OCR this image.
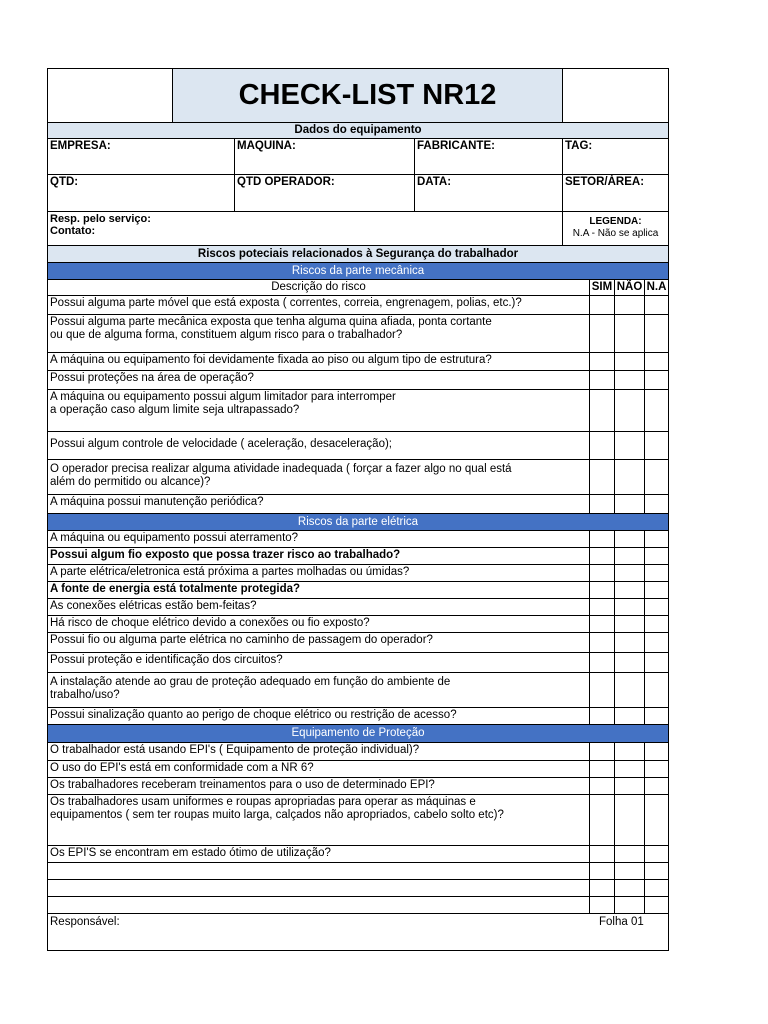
CHECK-LIST NR12
Dados do equipamento
EMPRESA:	MAQUINA:	FABRICANTE:	TAG:
QTD:	QTD OPERADOR:	DATA:	SETOR/ÁREA:
Resp. pelo serviço:
Contato:
LEGENDA:
N.A - Não se aplica
Riscos poteciais relacionados à Segurança do trabalhador
Riscos da parte mecânica
Descrição do risco	SIM NÃO N.A
Possui alguma parte móvel que está exposta ( correntes, correia, engrenagem, polias, etc.)?
Possui alguma parte mecânica exposta que tenha alguma quina afiada, ponta cortante
ou que de alguma forma, constituem algum risco para o trabalhador?
A máquina ou equipamento foi devidamente fixada ao piso ou algum tipo de estrutura?
Possui proteções na área de operação?
A máquina ou equipamento possui algum limitador para interromper
a operação caso algum limite seja ultrapassado?
Possui algum controle de velocidade ( aceleração, desaceleração);
O operador precisa realizar alguma atividade inadequada ( forçar a fazer algo no qual está
além do permitido ou alcance)?
A máquina possui manutenção periódica?
Riscos da parte elétrica
A máquina ou equipamento possui aterramento?
Possui algum fio exposto que possa trazer risco ao trabalhado?
A parte elétrica/eletronica está próxima a partes molhadas ou úmidas?
A fonte de energia está totalmente protegida?
As conexões elétricas estão bem-feitas?
Há risco de choque elétrico devido a conexões ou fio exposto?
Possui fio ou alguma parte elétrica no caminho de passagem do operador?
Possui proteção e identificação dos circuitos?
A instalação atende ao grau de proteção adequado em função do ambiente de
trabalho/uso?
Possui sinalização quanto ao perigo de choque elétrico ou restrição de acesso?
Equipamento de Proteção
O trabalhador está usando EPI's ( Equipamento de proteção individual)?
O uso do EPI's está em conformidade com a NR 6?
Os trabalhadores receberam treinamentos para o uso de determinado EPI?
Os trabalhadores usam uniformes e roupas apropriadas para operar as máquinas e
equipamentos ( sem ter roupas muito larga, calçados não apropriados, cabelo solto etc)?
Os EPI'S se encontram em estado ótimo de utilização?
Responsável:	Folha 01
